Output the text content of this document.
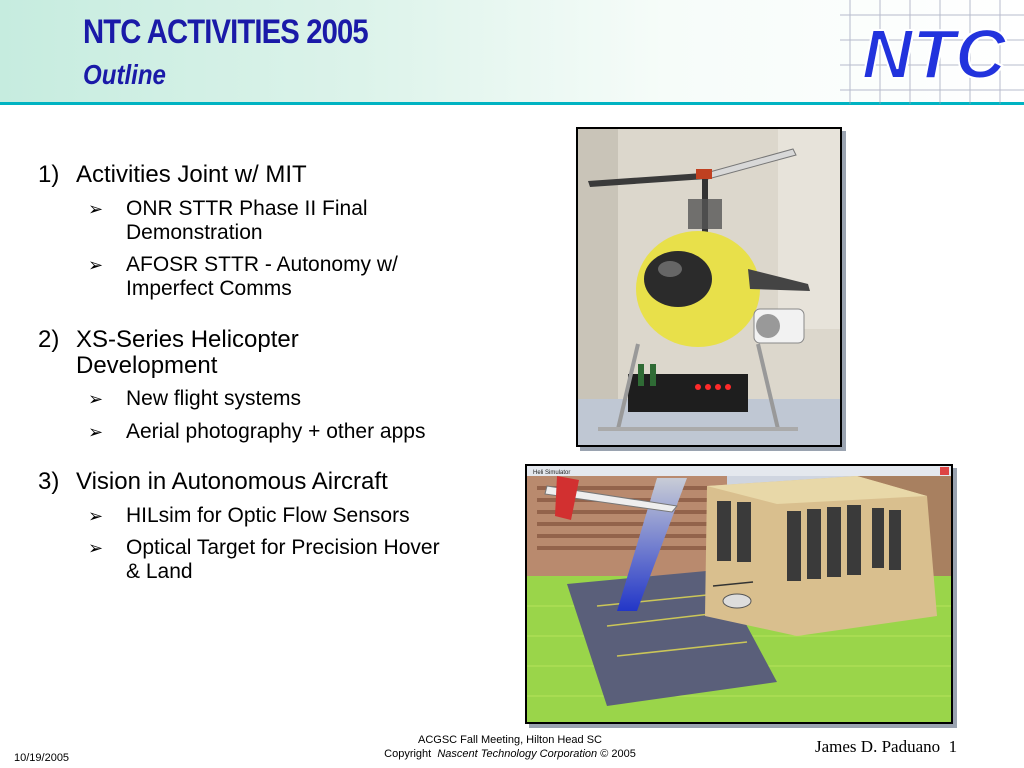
NTC ACTIVITIES 2005
Outline	NTC
1) Activities Joint w/ MIT
➢ ONR STTR Phase II Final Demonstration
➢ AFOSR STTR - Autonomy w/ Imperfect Comms
2) XS-Series Helicopter Development
➢ New flight systems
➢ Aerial photography + other apps
3) Vision in Autonomous Aircraft
➢ HILsim for Optic Flow Sensors
➢ Optical Target for Precision Hover & Land
Heli Simulator
10/19/2005
ACGSC Fall Meeting, Hilton Head SC
Copyright Nascent Technology Corporation © 2005	James D. Paduano 1
